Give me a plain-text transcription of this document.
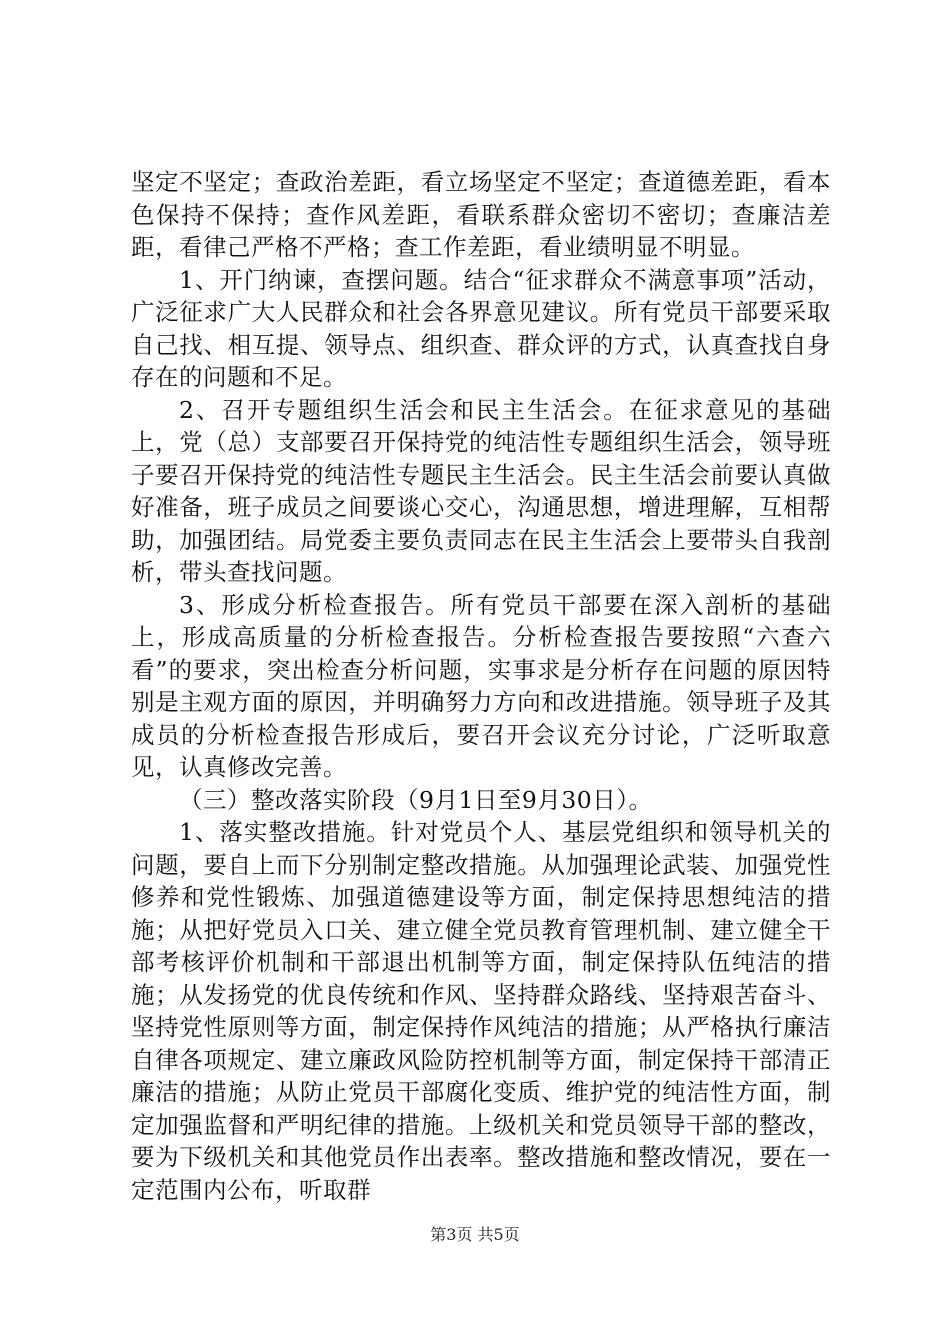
坚定不坚定；查政治差距，看立场坚定不坚定；查道德差距，看本色保持不保持；查作风差距，看联系群众密切不密切；查廉洁差距，看律己严格不严格；查工作差距，看业绩明显不明显。

1、开门纳谏，查摆问题。结合“征求群众不满意事项”活动，广泛征求广大人民群众和社会各界意见建议。所有党员干部要采取自己找、相互提、领导点、组织查、群众评的方式，认真查找自身存在的问题和不足。

2、召开专题组织生活会和民主生活会。在征求意见的基础上，党（总）支部要召开保持党的纯洁性专题组织生活会，领导班子要召开保持党的纯洁性专题民主生活会。民主生活会前要认真做好准备，班子成员之间要谈心交心，沟通思想，增进理解，互相帮助，加强团结。局党委主要负责同志在民主生活会上要带头自我剖析，带头查找问题。

3、形成分析检查报告。所有党员干部要在深入剖析的基础上，形成高质量的分析检查报告。分析检查报告要按照“六查六看”的要求，突出检查分析问题，实事求是分析存在问题的原因特别是主观方面的原因，并明确努力方向和改进措施。领导班子及其成员的分析检查报告形成后，要召开会议充分讨论，广泛听取意见，认真修改完善。

（三）整改落实阶段（9月1日至9月30日）。

1、落实整改措施。针对党员个人、基层党组织和领导机关的问题，要自上而下分别制定整改措施。从加强理论武装、加强党性修养和党性锻炼、加强道德建设等方面，制定保持思想纯洁的措施；从把好党员入口关、建立健全党员教育管理机制、建立健全干部考核评价机制和干部退出机制等方面，制定保持队伍纯洁的措施；从发扬党的优良传统和作风、坚持群众路线、坚持艰苦奋斗、坚持党性原则等方面，制定保持作风纯洁的措施；从严格执行廉洁自律各项规定、建立廉政风险防控机制等方面，制定保持干部清正廉洁的措施；从防止党员干部腐化变质、维护党的纯洁性方面，制定加强监督和严明纪律的措施。上级机关和党员领导干部的整改，要为下级机关和其他党员作出表率。整改措施和整改情况，要在一定范围内公布，听取群

第3页 共5页
